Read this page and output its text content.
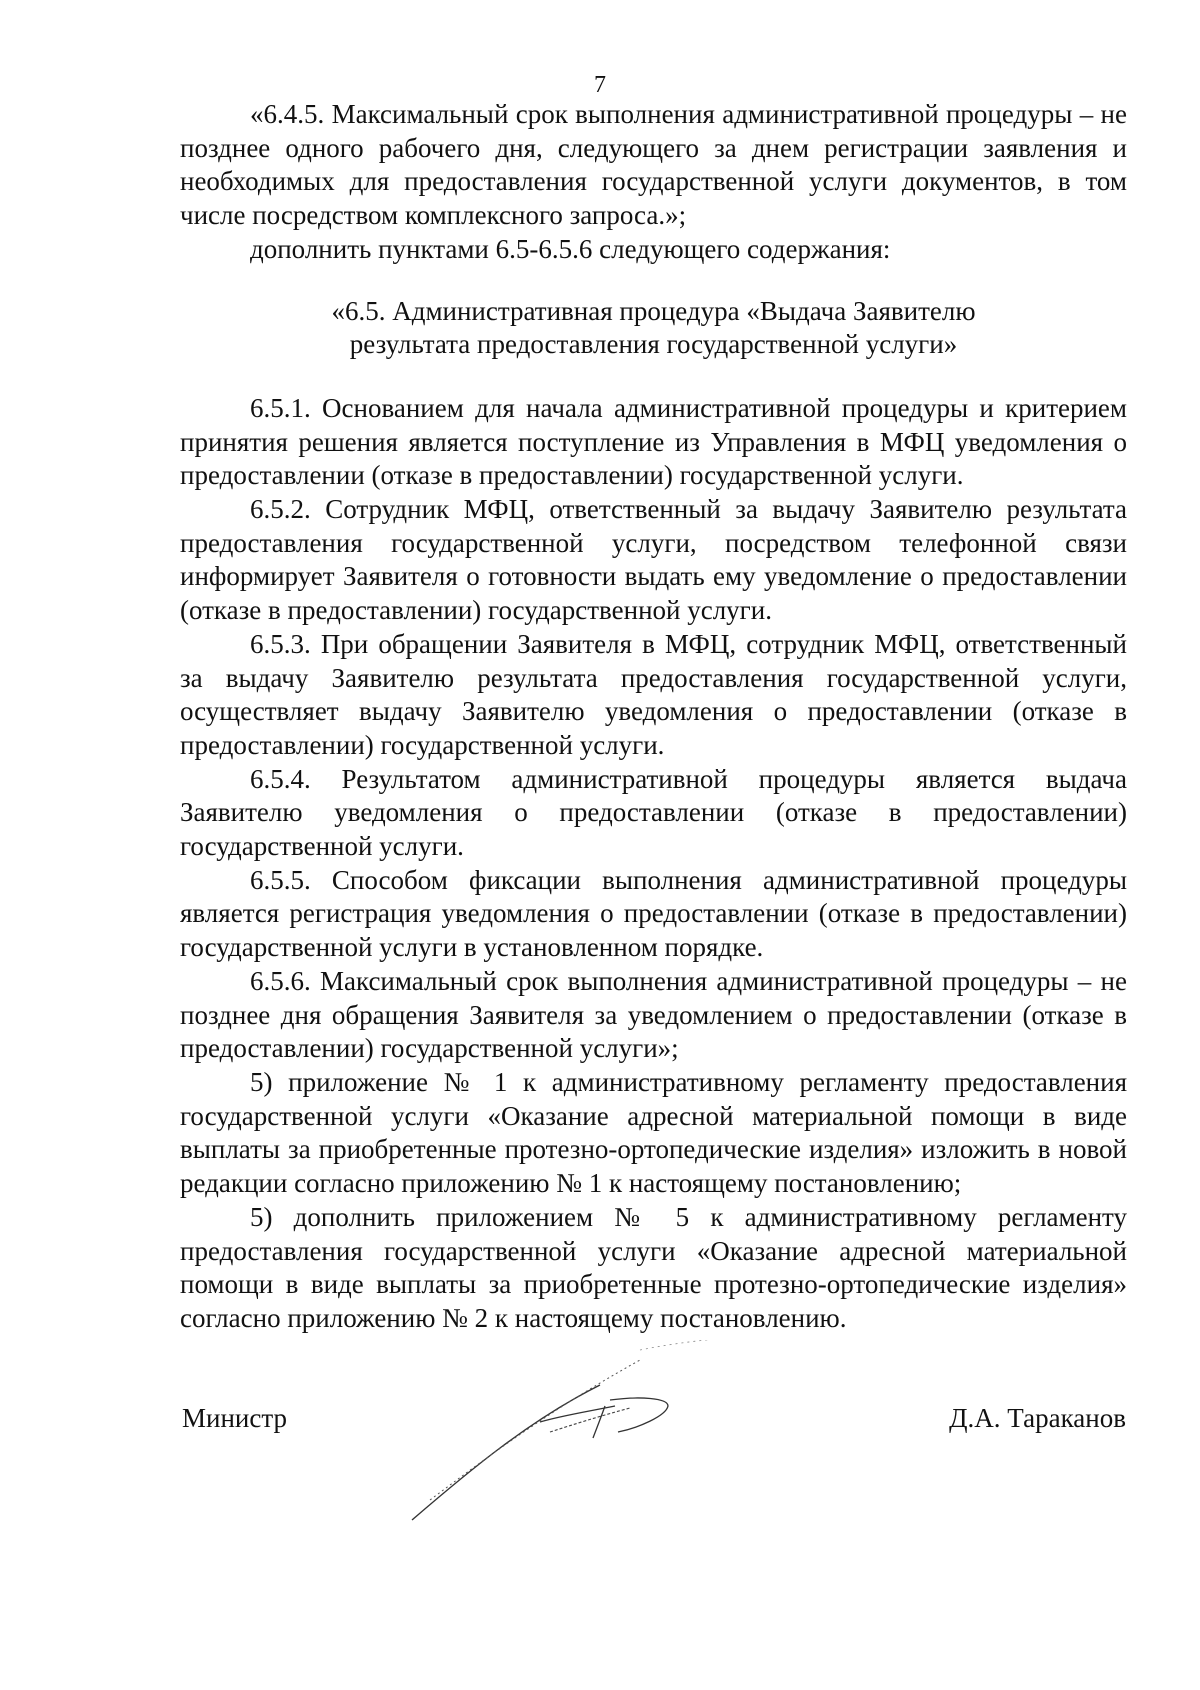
7

«6.4.5. Максимальный срок выполнения административной процедуры – не позднее одного рабочего дня, следующего за днем регистрации заявления и необходимых для предоставления государственной услуги документов, в том числе посредством комплексного запроса.»;

дополнить пунктами 6.5-6.5.6 следующего содержания:

«6.5. Административная процедура «Выдача Заявителю
результата предоставления государственной услуги»

6.5.1. Основанием для начала административной процедуры и критерием принятия решения является поступление из Управления в МФЦ уведомления о предоставлении (отказе в предоставлении) государственной услуги.

6.5.2. Сотрудник МФЦ, ответственный за выдачу Заявителю результата предоставления государственной услуги, посредством телефонной связи информирует Заявителя о готовности выдать ему уведомление о предоставлении (отказе в предоставлении) государственной услуги.

6.5.3. При обращении Заявителя в МФЦ, сотрудник МФЦ, ответственный за выдачу Заявителю результата предоставления государственной услуги, осуществляет выдачу Заявителю уведомления о предоставлении (отказе в предоставлении) государственной услуги.

6.5.4. Результатом административной процедуры является выдача Заявителю уведомления о предоставлении (отказе в предоставлении) государственной услуги.

6.5.5. Способом фиксации выполнения административной процедуры является регистрация уведомления о предоставлении (отказе в предоставлении) государственной услуги в установленном порядке.

6.5.6. Максимальный срок выполнения административной процедуры – не позднее дня обращения Заявителя за уведомлением о предоставлении (отказе в предоставлении) государственной услуги»;

5) приложение № 1 к административному регламенту предоставления государственной услуги «Оказание адресной материальной помощи в виде выплаты за приобретенные протезно-ортопедические изделия» изложить в новой редакции согласно приложению № 1 к настоящему постановлению;

5) дополнить приложением № 5 к административному регламенту предоставления государственной услуги «Оказание адресной материальной помощи в виде выплаты за приобретенные протезно-ортопедические изделия» согласно приложению № 2 к настоящему постановлению.

Министр	Д.А. Тараканов
